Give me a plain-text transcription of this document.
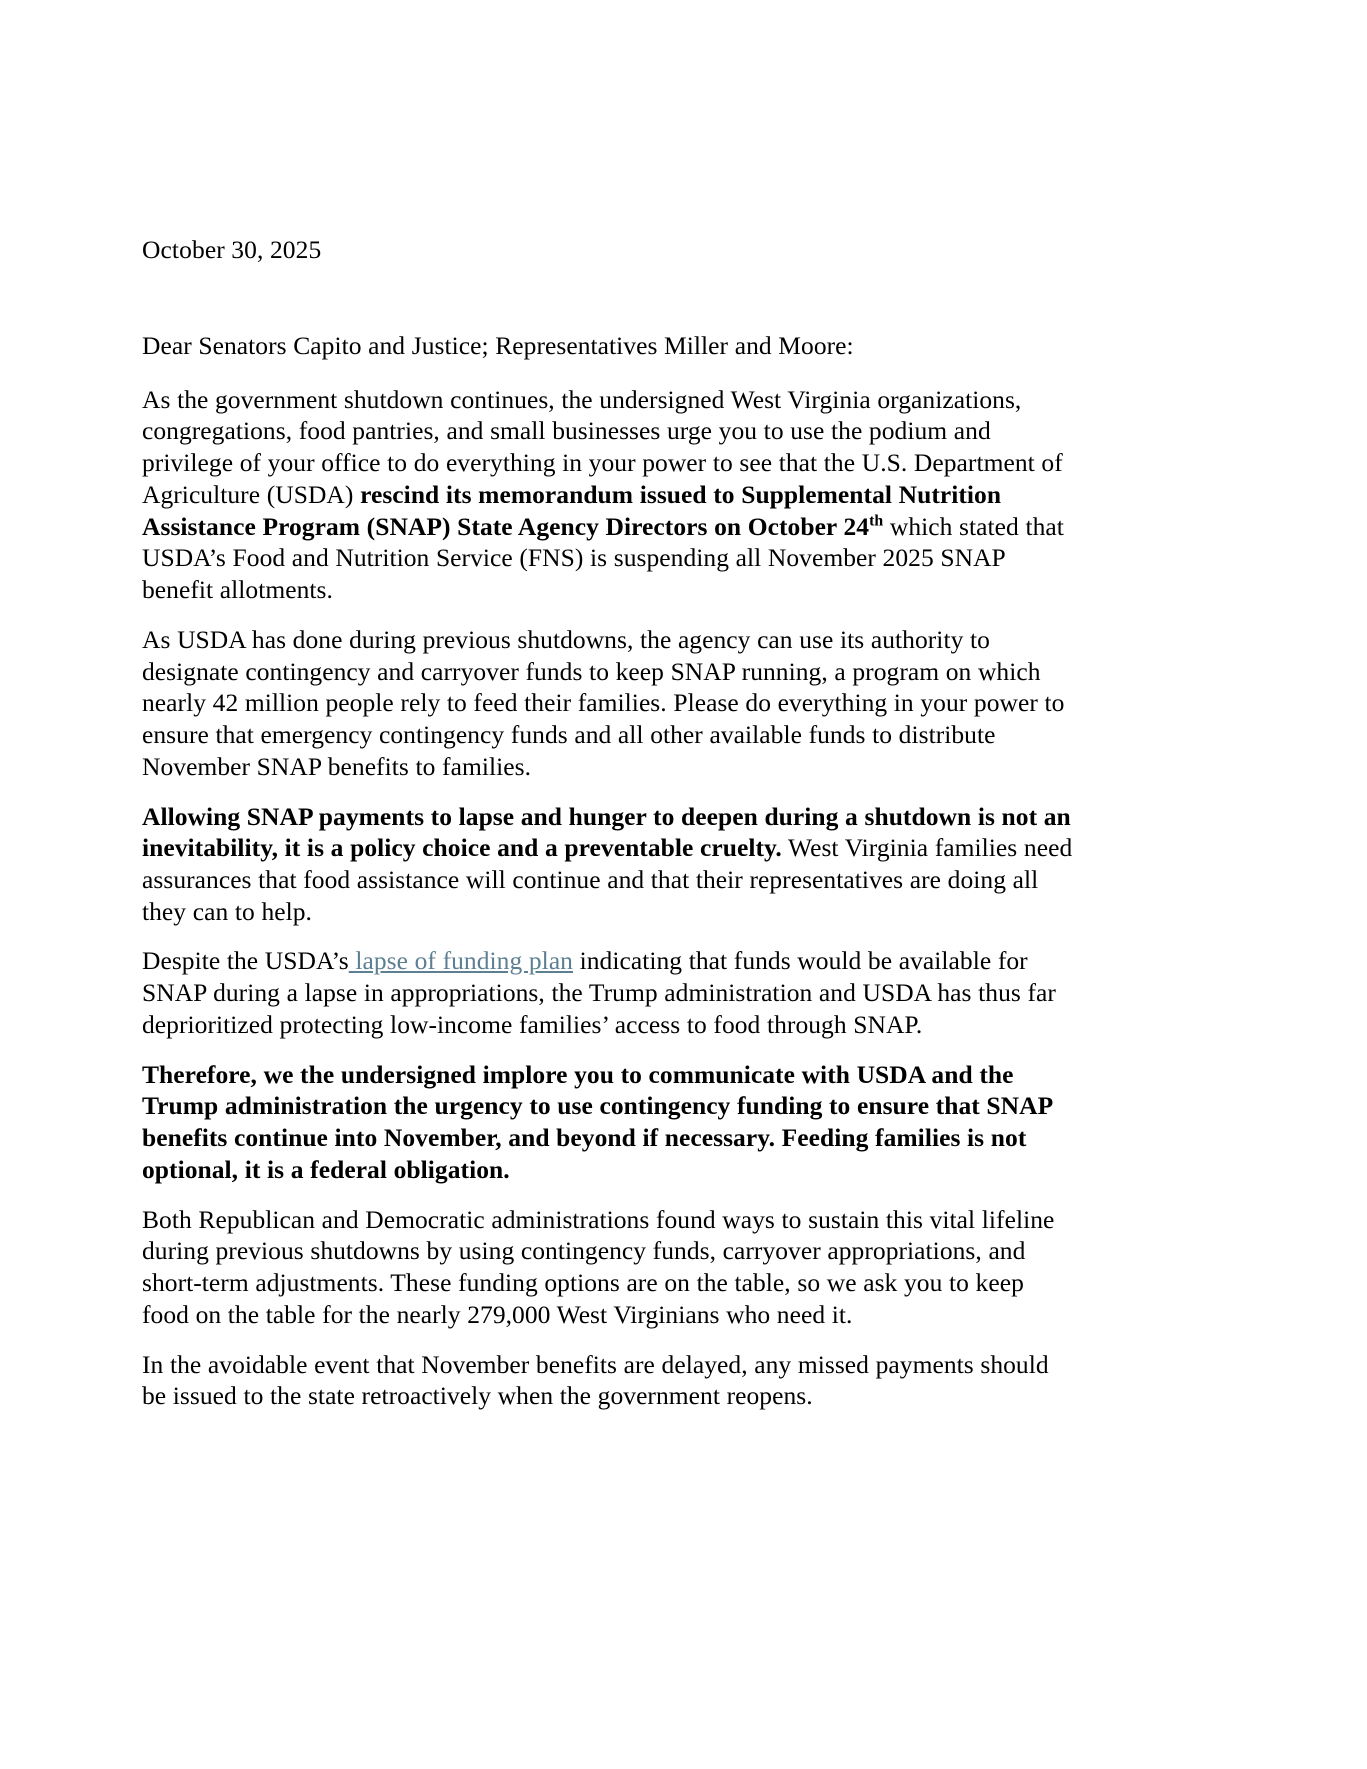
October 30, 2025

Dear Senators Capito and Justice; Representatives Miller and Moore:

As the government shutdown continues, the undersigned West Virginia organizations, congregations, food pantries, and small businesses urge you to use the podium and privilege of your office to do everything in your power to see that the U.S. Department of Agriculture (USDA) rescind its memorandum issued to Supplemental Nutrition Assistance Program (SNAP) State Agency Directors on October 24th which stated that USDA’s Food and Nutrition Service (FNS) is suspending all November 2025 SNAP benefit allotments.

As USDA has done during previous shutdowns, the agency can use its authority to designate contingency and carryover funds to keep SNAP running, a program on which nearly 42 million people rely to feed their families. Please do everything in your power to ensure that emergency contingency funds and all other available funds to distribute November SNAP benefits to families.

Allowing SNAP payments to lapse and hunger to deepen during a shutdown is not an inevitability, it is a policy choice and a preventable cruelty. West Virginia families need assurances that food assistance will continue and that their representatives are doing all they can to help.

Despite the USDA’s lapse of funding plan indicating that funds would be available for SNAP during a lapse in appropriations, the Trump administration and USDA has thus far deprioritized protecting low-income families’ access to food through SNAP.

Therefore, we the undersigned implore you to communicate with USDA and the Trump administration the urgency to use contingency funding to ensure that SNAP benefits continue into November, and beyond if necessary. Feeding families is not optional, it is a federal obligation.

Both Republican and Democratic administrations found ways to sustain this vital lifeline during previous shutdowns by using contingency funds, carryover appropriations, and short-term adjustments. These funding options are on the table, so we ask you to keep food on the table for the nearly 279,000 West Virginians who need it.

In the avoidable event that November benefits are delayed, any missed payments should be issued to the state retroactively when the government reopens.
